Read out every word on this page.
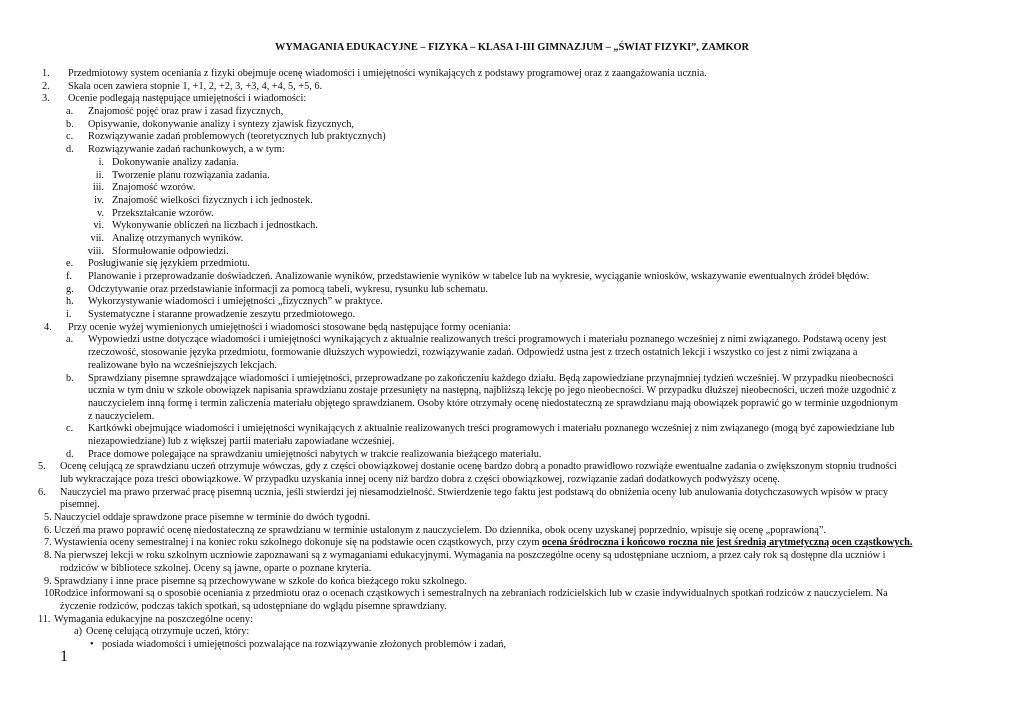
WYMAGANIA EDUKACYJNE – FIZYKA – KLASA I-III GIMNAZJUM – „ŚWIAT FIZYKI”, ZAMKOR
1. Przedmiotowy system oceniania z fizyki obejmuje ocenę wiadomości i umiejętności wynikających z podstawy programowej oraz z zaangażowania ucznia.
2. Skala ocen zawiera stopnie 1, +1, 2, +2, 3, +3, 4, +4, 5, +5, 6.
3. Ocenie podlegają następujące umiejętności i wiadomości:
a. Znajomość pojęć oraz praw i zasad fizycznych,
b. Opisywanie, dokonywanie analizy i syntezy zjawisk fizycznych,
c. Rozwiązywanie zadań problemowych (teoretycznych lub praktycznych)
d. Rozwiązywanie zadań rachunkowych, a w tym:
i. Dokonywanie analizy zadania.
ii. Tworzenie planu rozwiązania zadania.
iii. Znajomość wzorów.
iv. Znajomość wielkości fizycznych i ich jednostek.
v. Przekształcanie wzorów.
vi. Wykonywanie obliczeń na liczbach i jednostkach.
vii. Analizę otrzymanych wyników.
viii. Sformułowanie odpowiedzi.
e. Posługiwanie się językiem przedmiotu.
f. Planowanie i przeprowadzanie doświadczeń. Analizowanie wyników, przedstawienie wyników w tabelce lub na wykresie, wyciąganie wniosków, wskazywanie ewentualnych źródeł błędów.
g. Odczytywanie oraz przedstawianie informacji za pomocą tabeli, wykresu, rysunku lub schematu.
h. Wykorzystywanie wiadomości i umiejętności „fizycznych” w praktyce.
i. Systematyczne i staranne prowadzenie zeszytu przedmiotowego.
4. Przy ocenie wyżej wymienionych umiejętności i wiadomości stosowane będą następujące formy oceniania:
a. Wypowiedzi ustne dotyczące wiadomości i umiejętności wynikających z aktualnie realizowanych treści programowych i materiału poznanego wcześniej z nimi związanego. Podstawą oceny jest
rzeczowość, stosowanie języka przedmiotu, formowanie dłuższych wypowiedzi, rozwiązywanie zadań. Odpowiedź ustna jest z trzech ostatnich lekcji i wszystko co jest z nimi związana a
realizowane było na wcześniejszych lekcjach.
b. Sprawdziany pisemne sprawdzające wiadomości i umiejętności, przeprowadzane po zakończeniu każdego działu. Będą zapowiedziane przynajmniej tydzień wcześniej. W przypadku nieobecności
ucznia w tym dniu w szkole obowiązek napisania sprawdzianu zostaje przesunięty na następną, najbliższą lekcję po jego nieobecności. W przypadku dłuższej nieobecności, uczeń może uzgodnić z
nauczycielem inną formę i termin zaliczenia materiału objętego sprawdzianem. Osoby które otrzymały ocenę niedostateczną ze sprawdzianu mają obowiązek poprawić go w terminie uzgodnionym
z nauczycielem.
c. Kartkówki obejmujące wiadomości i umiejętności wynikających z aktualnie realizowanych treści programowych i materiału poznanego wcześniej z nim związanego (mogą być zapowiedziane lub
niezapowiedziane) lub z większej partii materiału zapowiadane wcześniej.
d. Prace domowe polegające na sprawdzaniu umiejętności nabytych w trakcie realizowania bieżącego materiału.
5. Ocenę celującą ze sprawdzianu uczeń otrzymuje wówczas, gdy z części obowiązkowej dostanie ocenę bardzo dobrą a ponadto prawidłowo rozwiąże ewentualne zadania o zwiększonym stopniu trudności
lub wykraczające poza treści obowiązkowe. W przypadku uzyskania innej oceny niż bardzo dobra z części obowiązkowej, rozwiązanie zadań dodatkowych podwyższy ocenę.
6. Nauczyciel ma prawo przerwać pracę pisemną ucznia, jeśli stwierdzi jej niesamodzielność. Stwierdzenie tego faktu jest podstawą do obniżenia oceny lub anulowania dotychczasowych wpisów w pracy
pisemnej.
5. Nauczyciel oddaje sprawdzone prace pisemne w terminie do dwóch tygodni.
6. Uczeń ma prawo poprawić ocenę niedostateczną ze sprawdzianu w terminie ustalonym z nauczycielem. Do dziennika, obok oceny uzyskanej poprzednio, wpisuje się ocenę „poprawioną”.
7. Wystawienia oceny semestralnej i na koniec roku szkolnego dokonuje się na podstawie ocen cząstkowych, przy czym ocena śródroczna i końcowo roczna nie jest średnią arytmetyczną ocen cząstkowych.
8. Na pierwszej lekcji w roku szkolnym uczniowie zapoznawani są z wymaganiami edukacyjnymi. Wymagania na poszczególne oceny są udostępniane uczniom, a przez cały rok są dostępne dla uczniów i
rodziców w bibliotece szkolnej. Oceny są jawne, oparte o poznane kryteria.
9. Sprawdziany i inne prace pisemne są przechowywane w szkole do końca bieżącego roku szkolnego.
10.
Rodzice informowani są o sposobie oceniania z przedmiotu oraz o ocenach cząstkowych i semestralnych na zebraniach rodzicielskich lub w czasie indywidualnych spotkań rodziców z nauczycielem. Na
życzenie rodziców, podczas takich spotkań, są udostępniane do wglądu pisemne sprawdziany.
11. Wymagania edukacyjne na poszczególne oceny:
a) Ocenę celującą otrzymuje uczeń, który:
• posiada wiadomości i umiejętności pozwalające na rozwiązywanie złożonych problemów i zadań,
1
